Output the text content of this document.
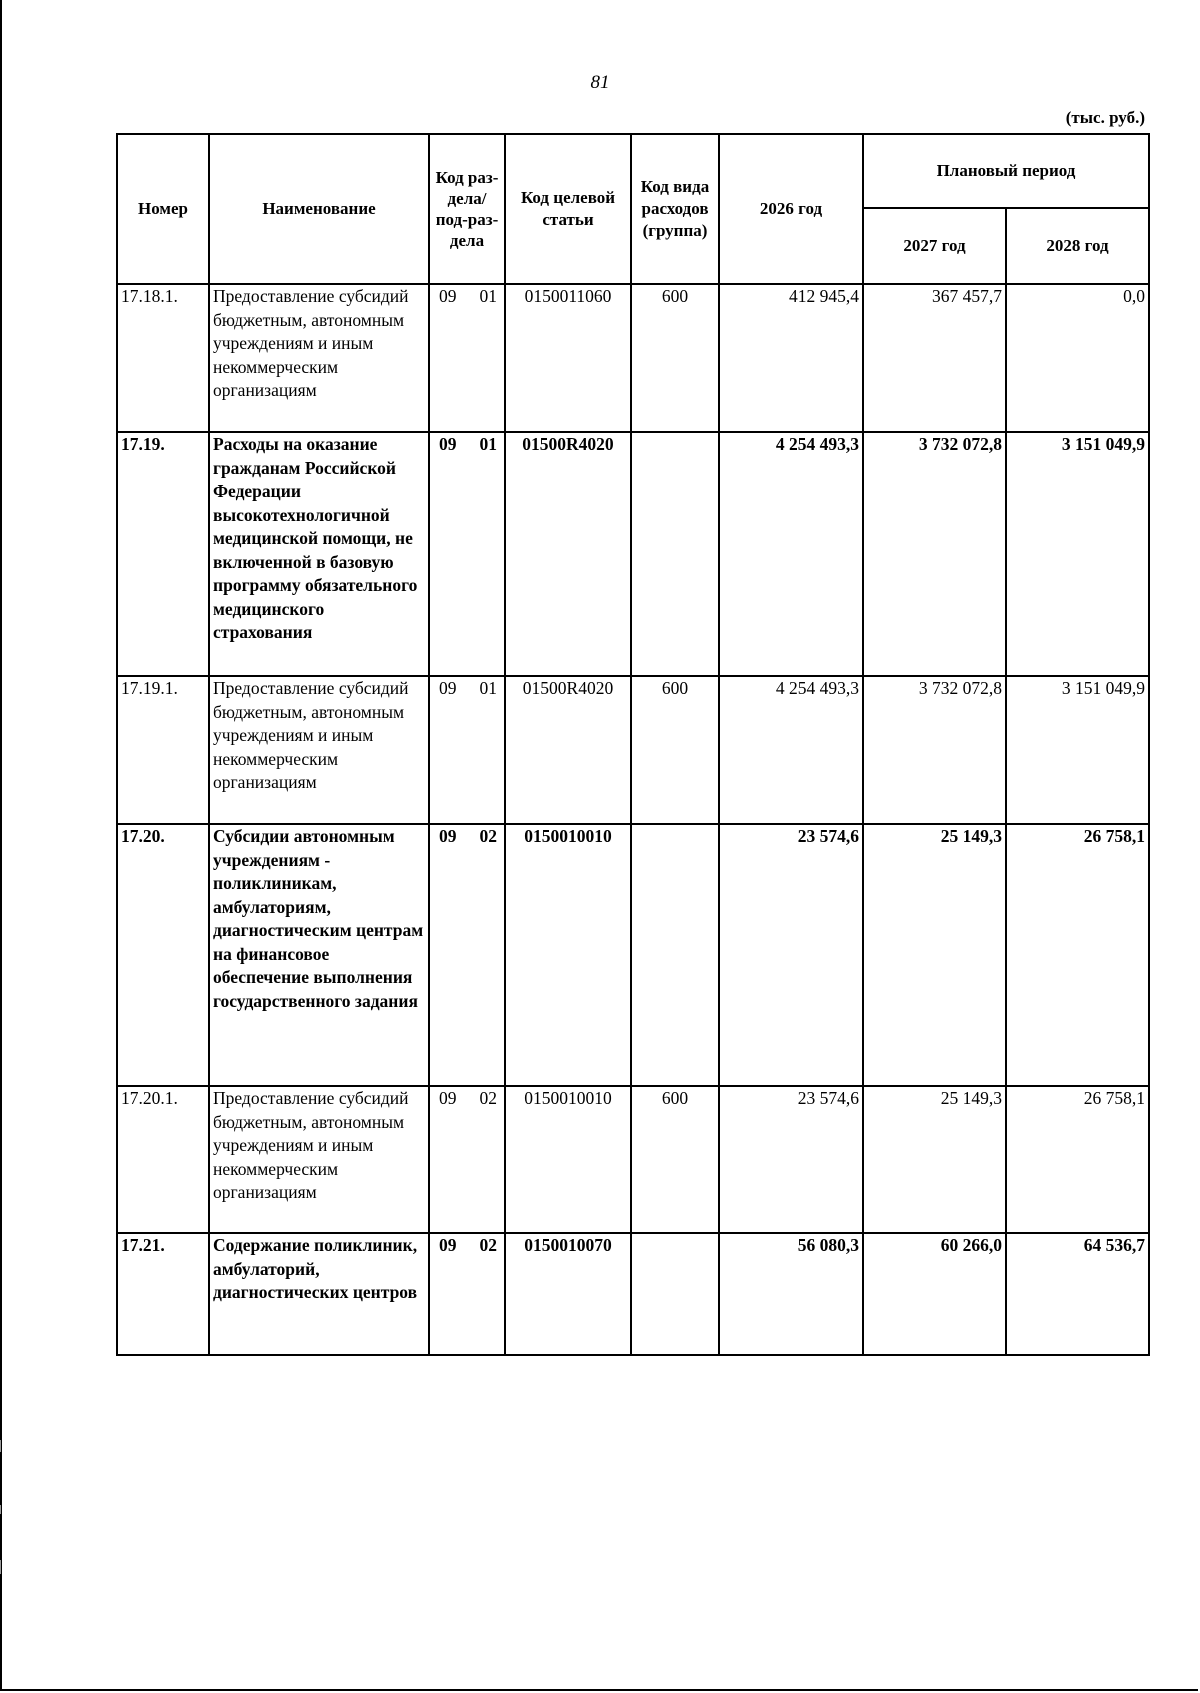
81
(тыс. руб.)
Номер	Наименование	Код раз-дела/ под-раз-дела	Код целевой статьи	Код вида расходов (группа)	2026 год	Плановый период	
						2027 год	2028 год
17.18.1.	Предоставление субсидий бюджетным, автономным учреждениям и иным некоммерческим организациям	09 01	0150011060	600	412 945,4	367 457,7	0,0
17.19.	Расходы на оказание гражданам Российской Федерации высокотехнологичной медицинской помощи, не включенной в базовую программу обязательного медицинского страхования	09 01	01500R4020		4 254 493,3	3 732 072,8	3 151 049,9
17.19.1.	Предоставление субсидий бюджетным, автономным учреждениям и иным некоммерческим организациям	09 01	01500R4020	600	4 254 493,3	3 732 072,8	3 151 049,9
17.20.	Субсидии автономным учреждениям - поликлиникам, амбулаториям, диагностическим центрам на финансовое обеспечение выполнения государственного задания	09 02	0150010010		23 574,6	25 149,3	26 758,1
17.20.1.	Предоставление субсидий бюджетным, автономным учреждениям и иным некоммерческим организациям	09 02	0150010010	600	23 574,6	25 149,3	26 758,1
17.21.	Содержание поликлиник, амбулаторий, диагностических центров	09 02	0150010070		56 080,3	60 266,0	64 536,7
